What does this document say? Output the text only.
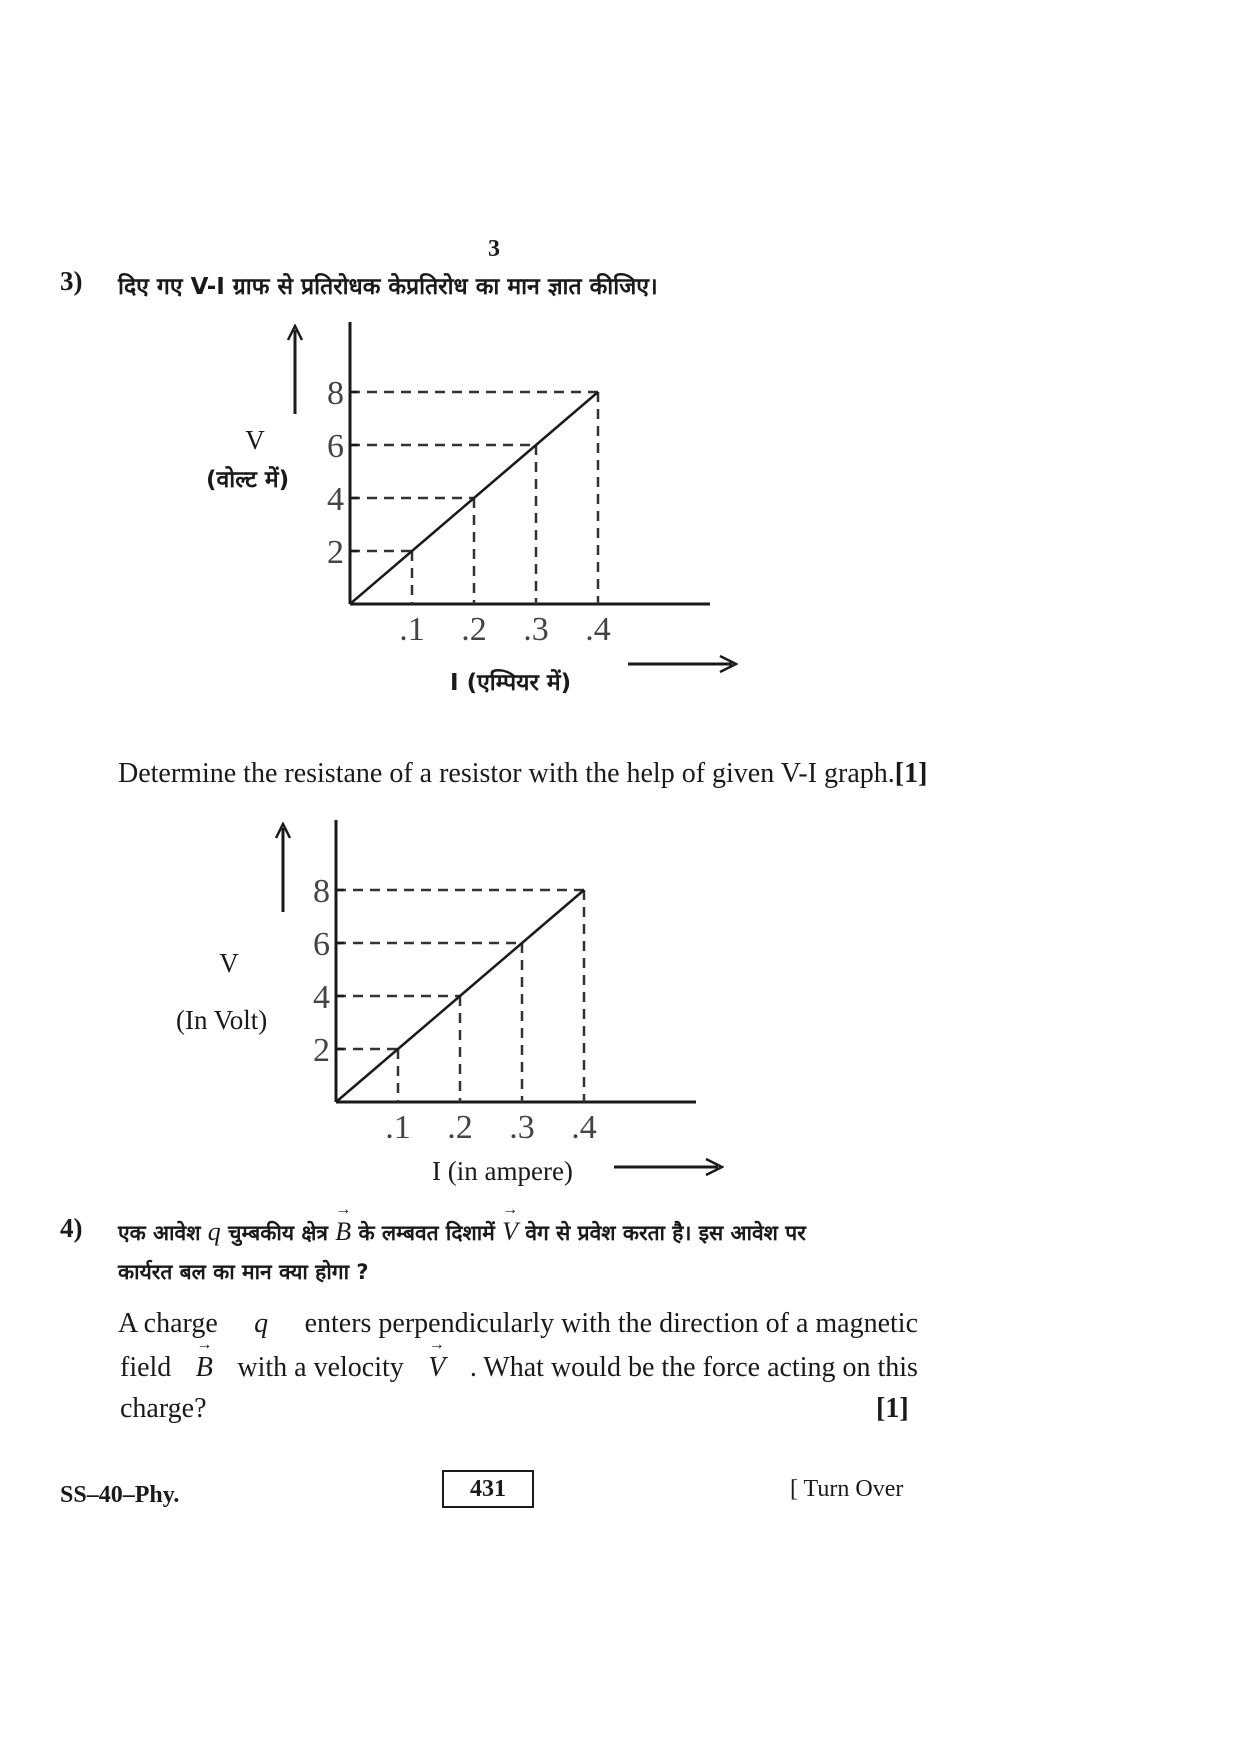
3
3) दिए गए V-I ग्राफ से प्रतिरोधक केप्रतिरोध का मान ज्ञात कीजिए।
V
(वोल्ट में)
2
4
6
8
.1 .2 .3 .4
I (एम्पियर में)
Determine the resistane of a resistor with the help of given V-I graph.[1]
V
(In Volt)
2
4
6
8
.1 .2 .3 .4
I (in ampere)
4) एक आवेश q चुम्बकीय क्षेत्र
→
B के लम्बवत दिशामें
→
V वेग से प्रवेश करता है। इस आवेश पर
कार्यरत बल का मान क्या होगा ?
A charge q enters perpendicularly with the direction of a magnetic
field
→
B with a velocity
→
V . What would be the force acting on this
charge?	[1]
SS–40–Phy.	431	[ Turn Over
